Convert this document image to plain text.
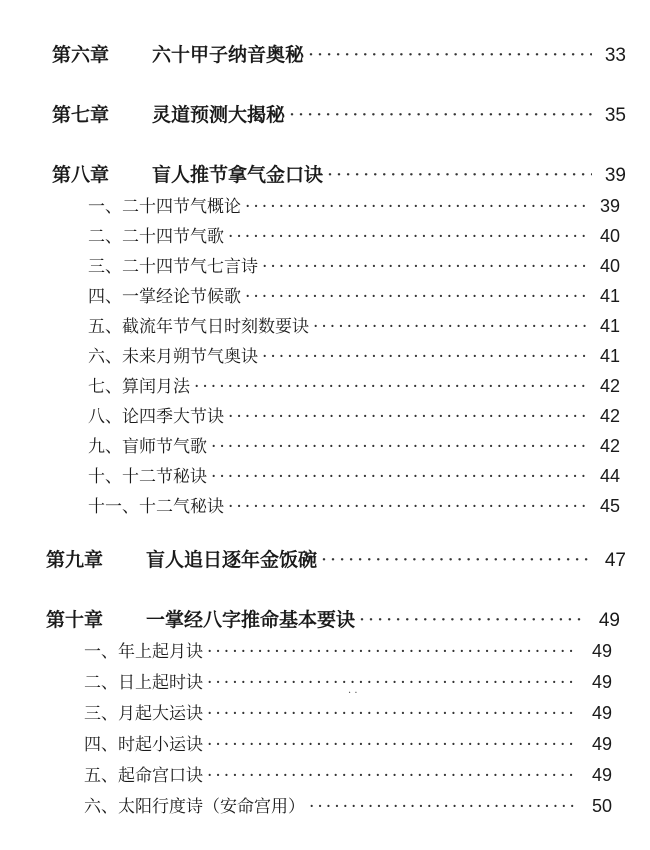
第六章	六十甲子纳音奥秘 ·····	33
第七章	灵道预测大揭秘 ·····	35
第八章	盲人推节拿气金口诀 ·····	39
一、二十四节气概论 ·····	39
二、二十四节气歌 ·····	40
三、二十四节气七言诗 ·····	40
四、一掌经论节候歌 ·····	41
五、截流年节气日时刻数要诀 ·····	41
六、未来月朔节气奥诀 ·····	41
七、算闰月法 ·····	42
八、论四季大节诀 ·····	42
九、盲师节气歌 ·····	42
十、十二节秘诀 ·····	44
十一、十二气秘诀 ·····	45
第九章	盲人追日逐年金饭碗 ·····	47
第十章	一掌经八字推命基本要诀 ·····	49
一、年上起月诀 ·····	49
二、日上起时诀 ·····	49
三、月起大运诀 ·····	49
四、时起小运诀 ·····	49
五、起命宫口诀 ·····	49
六、太阳行度诗（安命宫用） ·····	50
· ·
